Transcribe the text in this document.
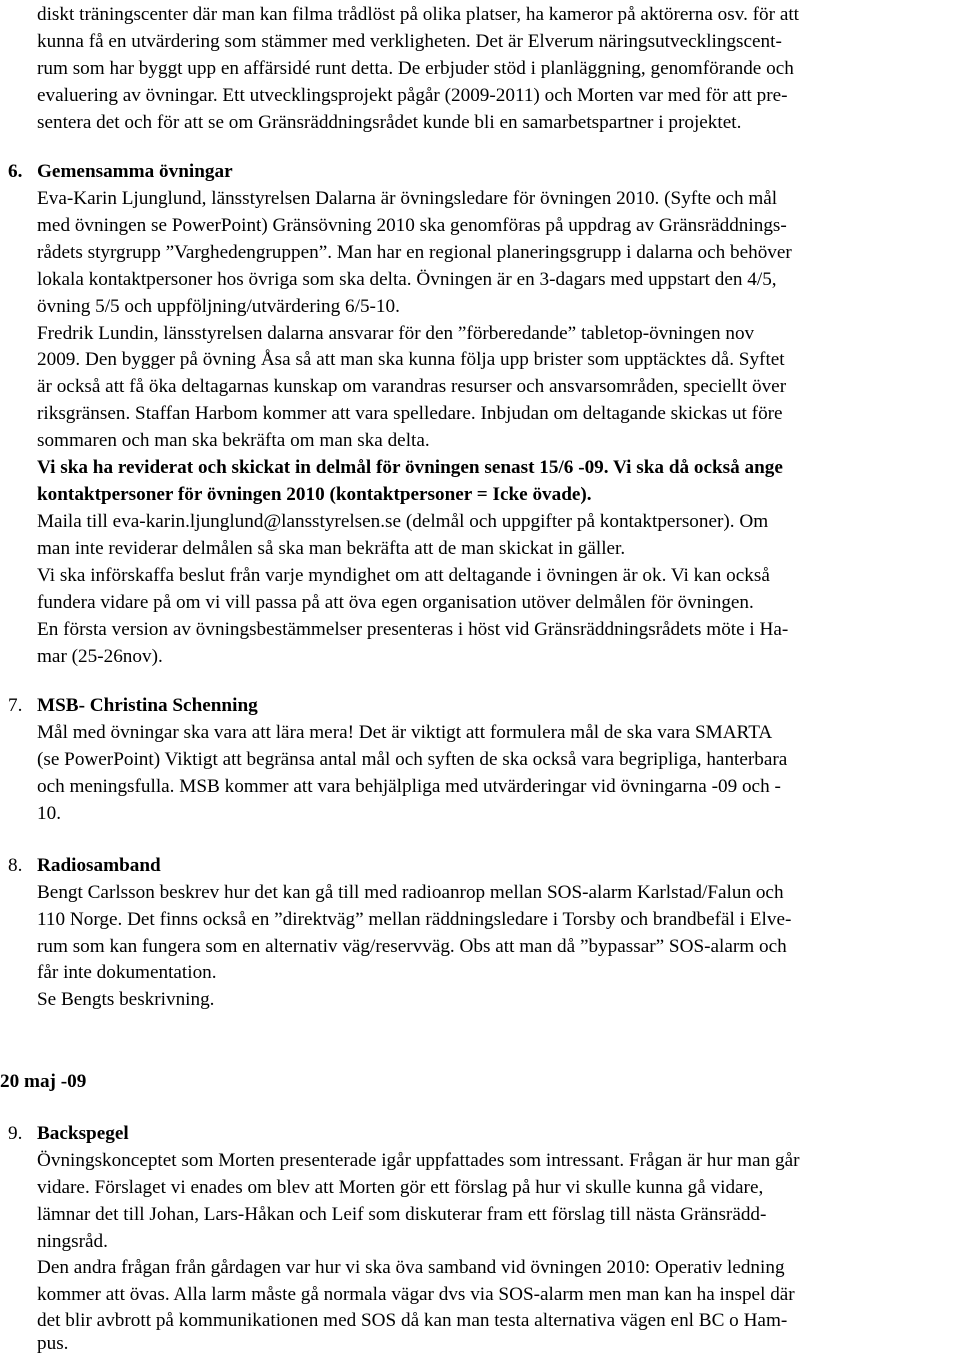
diskt träningscenter där man kan filma trådlöst på olika platser, ha kameror på aktörerna osv. för att
kunna få en utvärdering som stämmer med verkligheten. Det är Elverum näringsutvecklingscent-
rum som har byggt upp en affärsidé runt detta. De erbjuder stöd i planläggning, genomförande och
evaluering av övningar. Ett utvecklingsprojekt pågår (2009-2011) och Morten var med för att pre-
sentera det och för att se om Gränsräddningsrådet kunde bli en samarbetspartner i projektet.
6. Gemensamma övningar
Eva-Karin Ljunglund, länsstyrelsen Dalarna är övningsledare för övningen 2010. (Syfte och mål
med övningen se PowerPoint) Gränsövning 2010 ska genomföras på uppdrag av Gränsräddnings-
rådets styrgrupp ”Varghedengruppen”. Man har en regional planeringsgrupp i dalarna och behöver
lokala kontaktpersoner hos övriga som ska delta. Övningen är en 3-dagars med uppstart den 4/5,
övning 5/5 och uppföljning/utvärdering 6/5-10.
Fredrik Lundin, länsstyrelsen dalarna ansvarar för den ”förberedande” tabletop-övningen nov
2009. Den bygger på övning Åsa så att man ska kunna följa upp brister som upptäcktes då. Syftet
är också att få öka deltagarnas kunskap om varandras resurser och ansvarsområden, speciellt över
riksgränsen. Staffan Harbom kommer att vara spelledare. Inbjudan om deltagande skickas ut före
sommaren och man ska bekräfta om man ska delta.
Vi ska ha reviderat och skickat in delmål för övningen senast 15/6 -09. Vi ska då också ange
kontaktpersoner för övningen 2010 (kontaktpersoner = Icke övade).
Maila till eva-karin.ljunglund@lansstyrelsen.se (delmål och uppgifter på kontaktpersoner). Om
man inte reviderar delmålen så ska man bekräfta att de man skickat in gäller.
Vi ska införskaffa beslut från varje myndighet om att deltagande i övningen är ok. Vi kan också
fundera vidare på om vi vill passa på att öva egen organisation utöver delmålen för övningen.
En första version av övningsbestämmelser presenteras i höst vid Gränsräddningsrådets möte i Ha-
mar (25-26nov).
7. MSB- Christina Schenning
Mål med övningar ska vara att lära mera! Det är viktigt att formulera mål de ska vara SMARTA
(se PowerPoint) Viktigt att begränsa antal mål och syften de ska också vara begripliga, hanterbara
och meningsfulla. MSB kommer att vara behjälpliga med utvärderingar vid övningarna -09 och -
10.
8. Radiosamband
Bengt Carlsson beskrev hur det kan gå till med radioanrop mellan SOS-alarm Karlstad/Falun och
110 Norge. Det finns också en ”direktväg” mellan räddningsledare i Torsby och brandbefäl i Elve-
rum som kan fungera som en alternativ väg/reservväg. Obs att man då ”bypassar” SOS-alarm och
får inte dokumentation.
Se Bengts beskrivning.
20 maj -09
9. Backspegel
Övningskonceptet som Morten presenterade igår uppfattades som intressant. Frågan är hur man går
vidare. Förslaget vi enades om blev att Morten gör ett förslag på hur vi skulle kunna gå vidare,
lämnar det till Johan, Lars-Håkan och Leif som diskuterar fram ett förslag till nästa Gränsrädd-
ningsråd.
Den andra frågan från gårdagen var hur vi ska öva samband vid övningen 2010: Operativ ledning
kommer att övas. Alla larm måste gå normala vägar dvs via SOS-alarm men man kan ha inspel där
det blir avbrott på kommunikationen med SOS då kan man testa alternativa vägen enl BC o Ham-
pus.
